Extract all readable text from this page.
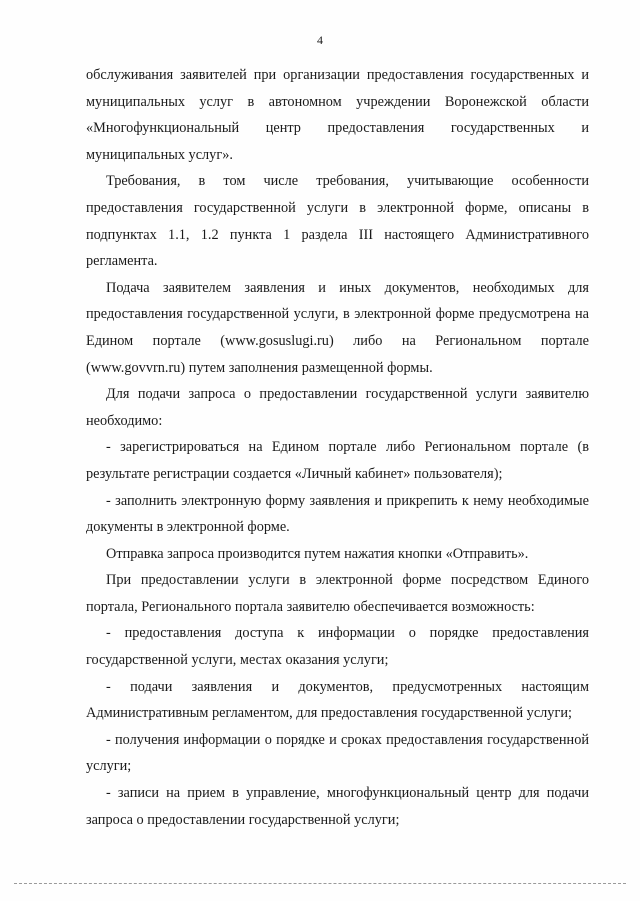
4

обслуживания заявителей при организации предоставления государственных и муниципальных услуг в автономном учреждении Воронежской области «Многофункциональный центр предоставления государственных и муниципальных услуг».

Требования, в том числе требования, учитывающие особенности предоставления государственной услуги в электронной форме, описаны в подпунктах 1.1, 1.2 пункта 1 раздела III настоящего Административного регламента.

Подача заявителем заявления и иных документов, необходимых для предоставления государственной услуги, в электронной форме предусмотрена на Едином портале (www.gosuslugi.ru) либо на Региональном портале (www.govvrn.ru) путем заполнения размещенной формы.

Для подачи запроса о предоставлении государственной услуги заявителю необходимо:

- зарегистрироваться на Едином портале либо Региональном портале (в результате регистрации создается «Личный кабинет» пользователя);

- заполнить электронную форму заявления и прикрепить к нему необходимые документы в электронной форме.

Отправка запроса производится путем нажатия кнопки «Отправить».

При предоставлении услуги в электронной форме посредством Единого портала, Регионального портала заявителю обеспечивается возможность:

- предоставления доступа к информации о порядке предоставления государственной услуги, местах оказания услуги;

- подачи заявления и документов, предусмотренных настоящим Административным регламентом, для предоставления государственной услуги;

- получения информации о порядке и сроках предоставления государственной услуги;

- записи на прием в управление, многофункциональный центр для подачи запроса о предоставлении государственной услуги;
